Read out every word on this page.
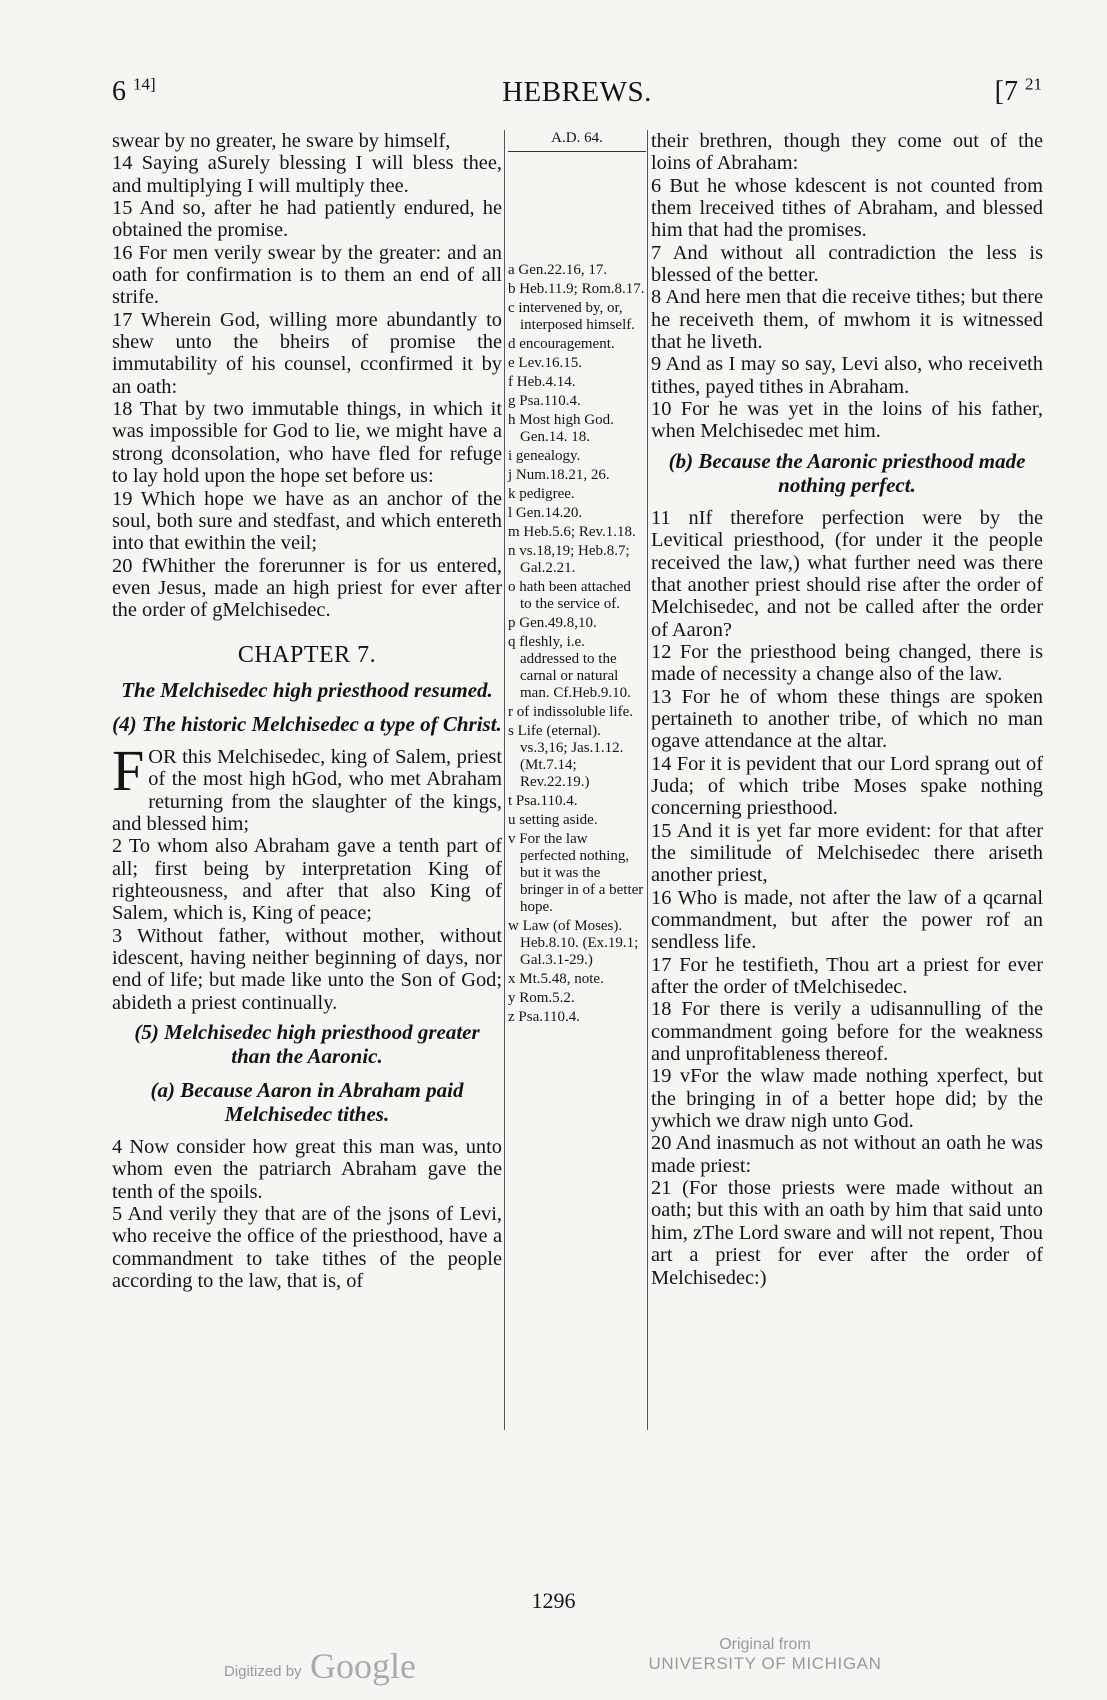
6 $^{14]}$	HEBREWS.	[7 $^{21}$

swear by no greater, he sware by himself,

14 Saying aSurely blessing I will bless thee, and multiplying I will multiply thee.

15 And so, after he had patiently endured, he obtained the promise.

16 For men verily swear by the greater: and an oath for confirmation is to them an end of all strife.

17 Wherein God, willing more abundantly to shew unto the bheirs of promise the immutability of his counsel, cconfirmed it by an oath:

18 That by two immutable things, in which it was impossible for God to lie, we might have a strong dconsolation, who have fled for refuge to lay hold upon the hope set before us:

19 Which hope we have as an anchor of the soul, both sure and stedfast, and which entereth into that ewithin the veil;

20 fWhither the forerunner is for us entered, even Jesus, made an high priest for ever after the order of gMelchisedec.

CHAPTER 7.
The Melchisedec high priesthood resumed.
(4) The historic Melchisedec a type of Christ.

FOR this Melchisedec, king of Salem, priest of the most high hGod, who met Abraham returning from the slaughter of the kings, and blessed him;

2 To whom also Abraham gave a tenth part of all; first being by interpretation King of righteousness, and after that also King of Salem, which is, King of peace;

3 Without father, without mother, without idescent, having neither beginning of days, nor end of life; but made like unto the Son of God; abideth a priest continually.

(5) Melchisedec high priesthood greater than the Aaronic.
(a) Because Aaron in Abraham paid Melchisedec tithes.

4 Now consider how great this man was, unto whom even the patriarch Abraham gave the tenth of the spoils.

5 And verily they that are of the jsons of Levi, who receive the office of the priesthood, have a commandment to take tithes of the people according to the law, that is, of

A.D. 64.

a Gen.22.16, 17.

b Heb.11.9; Rom.8.17.

c intervened by, or, interposed himself.

d encouragement.

e Lev.16.15.

f Heb.4.14.

g Psa.110.4.

h Most high God. Gen.14. 18.

i genealogy.

j Num.18.21, 26.

k pedigree.

l Gen.14.20.

m Heb.5.6; Rev.1.18.

n vs.18,19; Heb.8.7; Gal.2.21.

o hath been attached to the service of.

p Gen.49.8,10.

q fleshly, i.e. addressed to the carnal or natural man. Cf.Heb.9.10.

r of indissoluble life.

s Life (eternal). vs.3,16; Jas.1.12. (Mt.7.14; Rev.22.19.)

t Psa.110.4.

u setting aside.

v For the law perfected nothing, but it was the bringer in of a better hope.

w Law (of Moses). Heb.8.10. (Ex.19.1; Gal.3.1-29.)

x Mt.5.48, note.

y Rom.5.2.

z Psa.110.4.

their brethren, though they come out of the loins of Abraham:

6 But he whose kdescent is not counted from them lreceived tithes of Abraham, and blessed him that had the promises.

7 And without all contradiction the less is blessed of the better.

8 And here men that die receive tithes; but there he receiveth them, of mwhom it is witnessed that he liveth.

9 And as I may so say, Levi also, who receiveth tithes, payed tithes in Abraham.

10 For he was yet in the loins of his father, when Melchisedec met him.

(b) Because the Aaronic priesthood made nothing perfect.

11 nIf therefore perfection were by the Levitical priesthood, (for under it the people received the law,) what further need was there that another priest should rise after the order of Melchisedec, and not be called after the order of Aaron?

12 For the priesthood being changed, there is made of necessity a change also of the law.

13 For he of whom these things are spoken pertaineth to another tribe, of which no man ogave attendance at the altar.

14 For it is pevident that our Lord sprang out of Juda; of which tribe Moses spake nothing concerning priesthood.

15 And it is yet far more evident: for that after the similitude of Melchisedec there ariseth another priest,

16 Who is made, not after the law of a qcarnal commandment, but after the power rof an sendless life.

17 For he testifieth, Thou art a priest for ever after the order of tMelchisedec.

18 For there is verily a udisannulling of the commandment going before for the weakness and unprofitableness thereof.

19 vFor the wlaw made nothing xperfect, but the bringing in of a better hope did; by the ywhich we draw nigh unto God.

20 And inasmuch as not without an oath he was made priest:

21 (For those priests were made without an oath; but this with an oath by him that said unto him, zThe Lord sware and will not repent, Thou art a priest for ever after the order of Melchisedec:)

1296
Digitized by Google
Original from
UNIVERSITY OF MICHIGAN
